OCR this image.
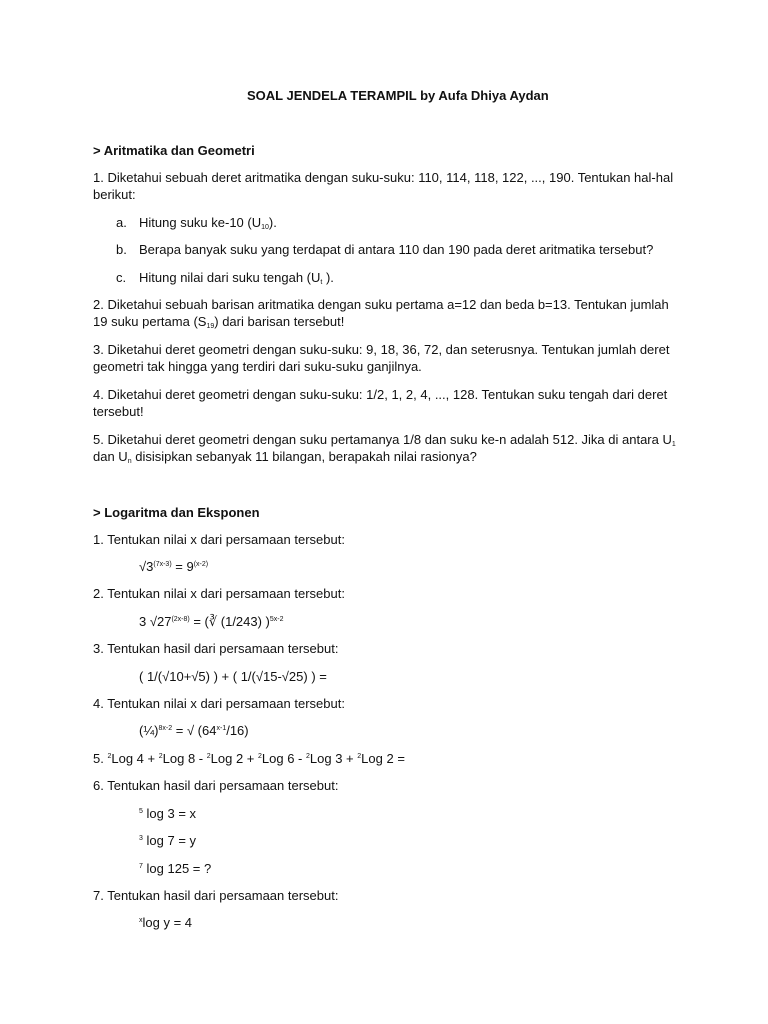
SOAL JENDELA TERAMPIL by Aufa Dhiya Aydan
> Aritmatika dan Geometri
1. Diketahui sebuah deret aritmatika dengan suku-suku: 110, 114, 118, 122, ..., 190. Tentukan hal-hal
berikut:
a. Hitung suku ke-10 $(U_{10})$.
b. Berapa banyak suku yang terdapat di antara 110 dan 190 pada deret aritmatika tersebut?
c. Hitung nilai dari suku tengah ($U_t$ ).
2. Diketahui sebuah barisan aritmatika dengan suku pertama a=12 dan beda b=13. Tentukan jumlah
19 suku pertama $(S_{19})$ dari barisan tersebut!
3. Diketahui deret geometri dengan suku-suku: 9, 18, 36, 72, dan seterusnya. Tentukan jumlah deret
geometri tak hingga yang terdiri dari suku-suku ganjilnya.
4. Diketahui deret geometri dengan suku-suku: 1/2, 1, 2, 4, ..., 128. Tentukan suku tengah dari deret
tersebut!
5. Diketahui deret geometri dengan suku pertamanya 1/8 dan suku ke-n adalah 512. Jika di antara $U_1$
dan $U_n$ disisipkan sebanyak 11 bilangan, berapakah nilai rasionya?
> Logaritma dan Eksponen
1. Tentukan nilai x dari persamaan tersebut:
$√3^{(7x-3)} = 9^{(x-2)}$
2. Tentukan nilai x dari persamaan tersebut:
3 $√27^{(2x-8)}$ = (∛ (1/243) )$^{5x-2}$
3. Tentukan hasil dari persamaan tersebut:
( 1/(√10+√5) ) + ( 1/(√15-√25) ) =
4. Tentukan nilai x dari persamaan tersebut:
(¼)$^{8x-2}$ = √ (64$^{x-1}$/16)
5. $^2$Log 4 + $^2$Log 8 - $^2$Log 2 + $^2$Log 6 - $^2$Log 3 + $^2$Log 2 =
6. Tentukan hasil dari persamaan tersebut:
$^5$ log 3 = x
$^3$ log 7 = y
$^7$ log 125 = ?
7. Tentukan hasil dari persamaan tersebut:
$^x$log y = 4
